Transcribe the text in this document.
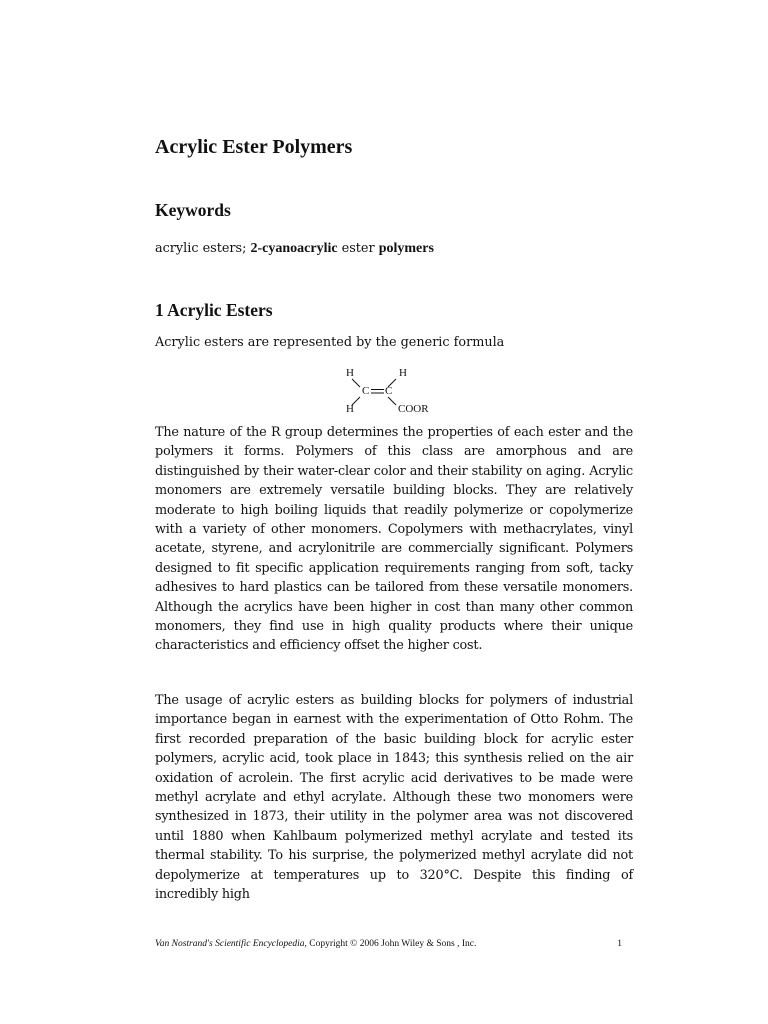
Acrylic Ester Polymers
Keywords

acrylic esters; 2-cyanoacrylic ester polymers

1 Acrylic Esters

Acrylic esters are represented by the generic formula

H	H
C C
H	COOR

The nature of the R group determines the properties of each ester and the polymers it forms. Polymers of this class are amorphous and are distinguished by their water-clear color and their stability on aging. Acrylic monomers are extremely versatile building blocks. They are relatively moderate to high boiling liquids that readily polymerize or copolymerize with a variety of other monomers. Copolymers with methacrylates, vinyl acetate, styrene, and acrylonitrile are commercially significant. Polymers designed to fit specific application requirements ranging from soft, tacky adhesives to hard plastics can be tailored from these versatile monomers. Although the acrylics have been higher in cost than many other common monomers, they find use in high quality products where their unique characteristics and efficiency offset the higher cost.

The usage of acrylic esters as building blocks for polymers of industrial importance began in earnest with the experimentation of Otto Rohm. The first recorded preparation of the basic building block for acrylic ester polymers, acrylic acid, took place in 1843; this synthesis relied on the air oxidation of acrolein. The first acrylic acid derivatives to be made were methyl acrylate and ethyl acrylate. Although these two monomers were synthesized in 1873, their utility in the polymer area was not discovered until 1880 when Kahlbaum polymerized methyl acrylate and tested its thermal stability. To his surprise, the polymerized methyl acrylate did not depolymerize at temperatures up to 320°C. Despite this finding of incredibly high

Van Nostrand's Scientific Encyclopedia, Copyright © 2006 John Wiley & Sons , Inc.	1
